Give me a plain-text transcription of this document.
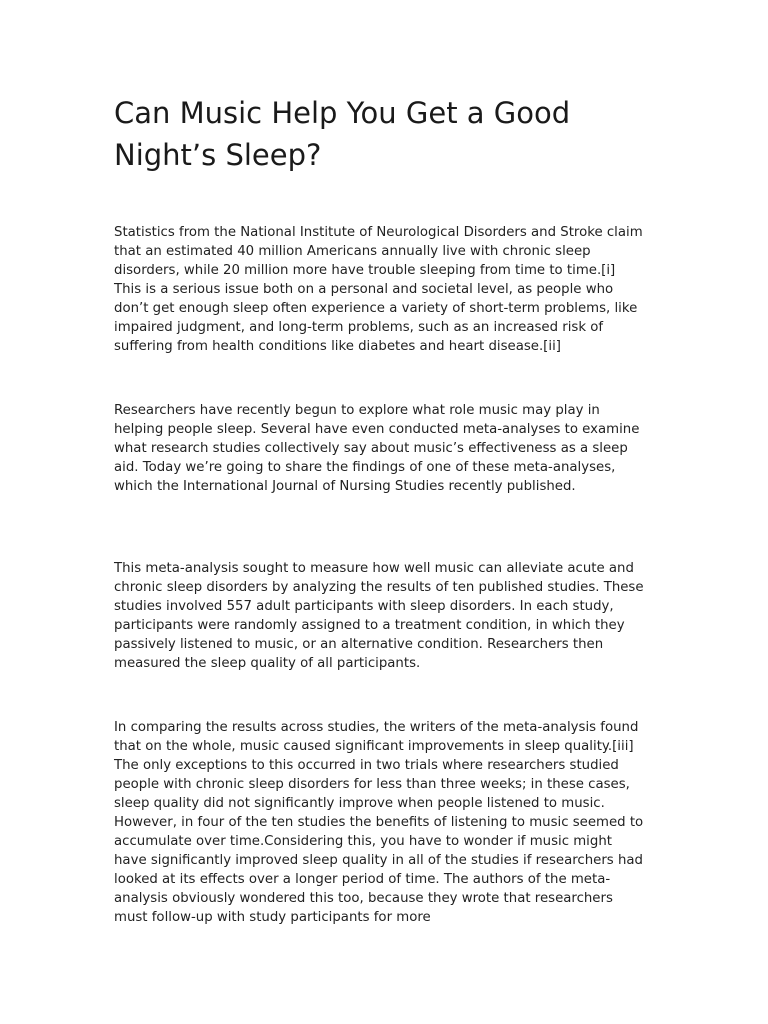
Can Music Help You Get a Good Night’s Sleep?

Statistics from the National Institute of Neurological Disorders and Stroke claim that an estimated 40 million Americans annually live with chronic sleep disorders, while 20 million more have trouble sleeping from time to time.[i] This is a serious issue both on a personal and societal level, as people who don’t get enough sleep often experience a variety of short-term problems, like impaired judgment, and long-term problems, such as an increased risk of suffering from health conditions like diabetes and heart disease.[ii]

Researchers have recently begun to explore what role music may play in helping people sleep. Several have even conducted meta-analyses to examine what research studies collectively say about music’s effectiveness as a sleep aid. Today we’re going to share the findings of one of these meta-analyses, which the International Journal of Nursing Studies recently published.

This meta-analysis sought to measure how well music can alleviate acute and chronic sleep disorders by analyzing the results of ten published studies. These studies involved 557 adult participants with sleep disorders. In each study, participants were randomly assigned to a treatment condition, in which they passively listened to music, or an alternative condition. Researchers then measured the sleep quality of all participants.

In comparing the results across studies, the writers of the meta-analysis found that on the whole, music caused significant improvements in sleep quality.[iii] The only exceptions to this occurred in two trials where researchers studied people with chronic sleep disorders for less than three weeks; in these cases, sleep quality did not significantly improve when people listened to music. However, in four of the ten studies the benefits of listening to music seemed to accumulate over time.Considering this, you have to wonder if music might have significantly improved sleep quality in all of the studies if researchers had looked at its effects over a longer period of time. The authors of the meta-analysis obviously wondered this too, because they wrote that researchers must follow-up with study participants for more
